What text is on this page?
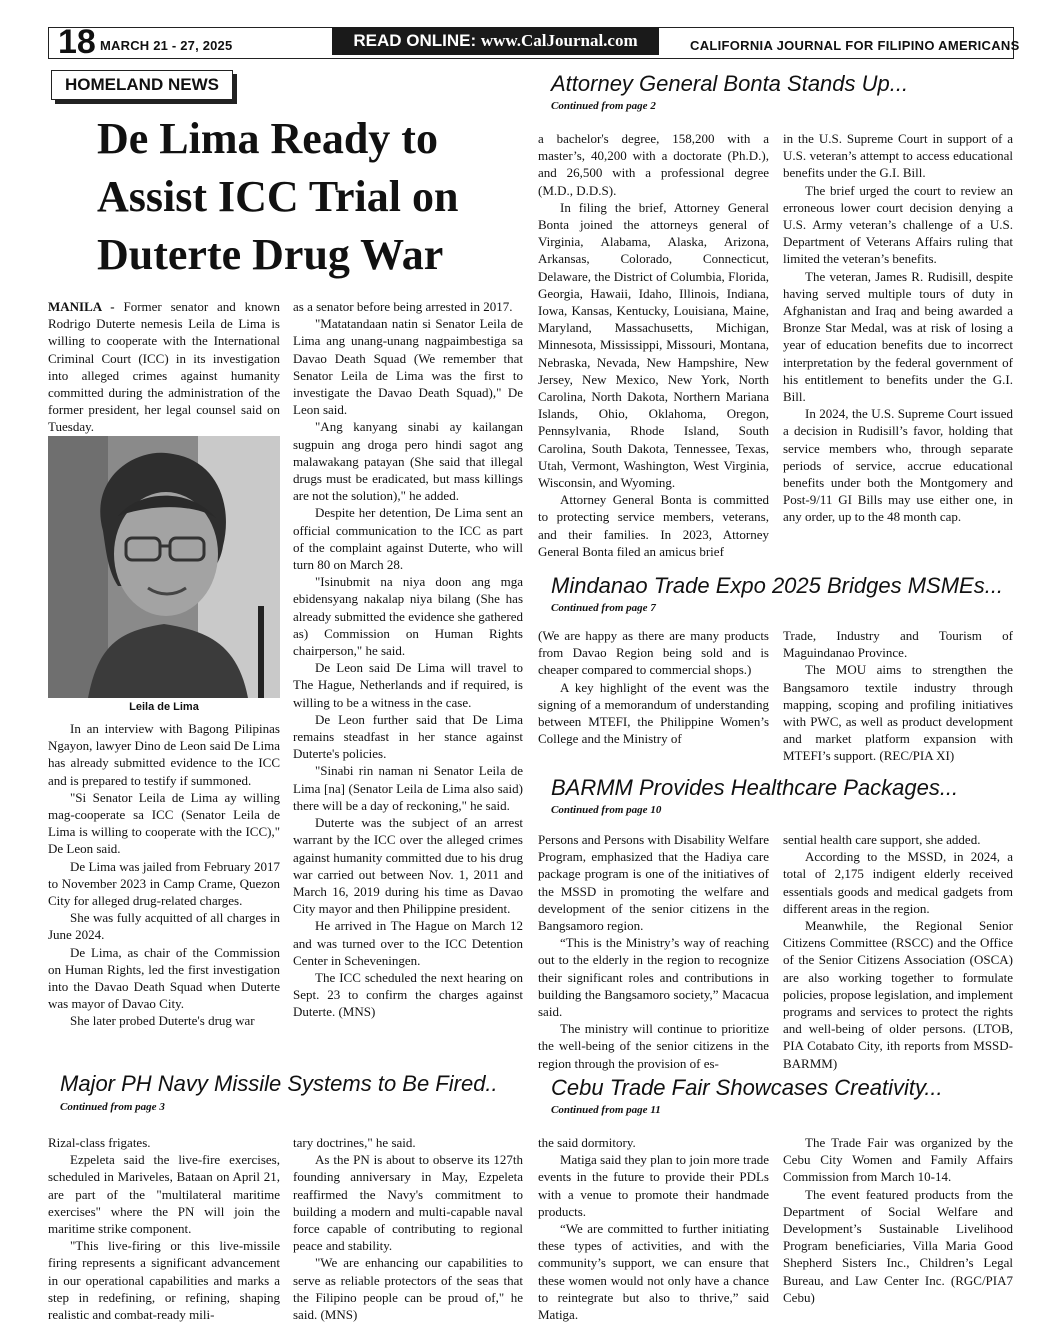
18 MARCH 21 - 27, 2025	READ ONLINE: www.CalJournal.com	CALIFORNIA JOURNAL FOR FILIPINO AMERICANS
HOMELAND NEWS
De Lima Ready to Assist ICC Trial on Duterte Drug War

MANILA - Former senator and known Rodrigo Duterte nemesis Leila de Lima is willing to cooperate with the International Criminal Court (ICC) in its investigation into alleged crimes against humanity committed during the administration of the former president, her legal counsel said on Tuesday.

Leila de Lima

In an interview with Bagong Pilipinas Ngayon, lawyer Dino de Leon said De Lima has already submitted evidence to the ICC and is prepared to testify if summoned.

"Si Senator Leila de Lima ay willing mag-cooperate sa ICC (Senator Leila de Lima is willing to cooperate with the ICC)," De Leon said.

De Lima was jailed from February 2017 to November 2023 in Camp Crame, Quezon City for alleged drug-related charges.

She was fully acquitted of all charges in June 2024.

De Lima, as chair of the Commission on Human Rights, led the first investigation into the Davao Death Squad when Duterte was mayor of Davao City.

She later probed Duterte's drug war

as a senator before being arrested in 2017.

"Matatandaan natin si Senator Leila de Lima ang unang-unang nagpaimbestiga sa Davao Death Squad (We remember that Senator Leila de Lima was the first to investigate the Davao Death Squad)," De Leon said.

"Ang kanyang sinabi ay kailangan sugpuin ang droga pero hindi sagot ang malawakang patayan (She said that illegal drugs must be eradicated, but mass killings are not the solution)," he added.

Despite her detention, De Lima sent an official communication to the ICC as part of the complaint against Duterte, who will turn 80 on March 28.

"Isinubmit na niya doon ang mga ebidensyang nakalap niya bilang (She has already submitted the evidence she gathered as) Commission on Human Rights chairperson," he said.

De Leon said De Lima will travel to The Hague, Netherlands and if required, is willing to be a witness in the case.

De Leon further said that De Lima remains steadfast in her stance against Duterte's policies.

"Sinabi rin naman ni Senator Leila de Lima [na] (Senator Leila de Lima also said) there will be a day of reckoning," he said.

Duterte was the subject of an arrest warrant by the ICC over the alleged crimes against humanity committed due to his drug war carried out between Nov. 1, 2011 and March 16, 2019 during his time as Davao City mayor and then Philippine president.

He arrived in The Hague on March 12 and was turned over to the ICC Detention Center in Scheveningen.

The ICC scheduled the next hearing on Sept. 23 to confirm the charges against Duterte. (MNS)

Attorney General Bonta Stands Up...
Continued from page 2

a bachelor's degree, 158,200 with a master’s, 40,200 with a doctorate (Ph.D.), and 26,500 with a professional degree (M.D., D.D.S).

In filing the brief, Attorney General Bonta joined the attorneys general of Virginia, Alabama, Alaska, Arizona, Arkansas, Colorado, Connecticut, Delaware, the District of Columbia, Florida, Georgia, Hawaii, Idaho, Illinois, Indiana, Iowa, Kansas, Kentucky, Louisiana, Maine, Maryland, Massachusetts, Michigan, Minnesota, Mississippi, Missouri, Montana, Nebraska, Nevada, New Hampshire, New Jersey, New Mexico, New York, North Carolina, North Dakota, Northern Mariana Islands, Ohio, Oklahoma, Oregon, Pennsylvania, Rhode Island, South Carolina, South Dakota, Tennessee, Texas, Utah, Vermont, Washington, West Virginia, Wisconsin, and Wyoming.

Attorney General Bonta is committed to protecting service members, veterans, and their families. In 2023, Attorney General Bonta filed an amicus brief

in the U.S. Supreme Court in support of a U.S. veteran’s attempt to access educational benefits under the G.I. Bill.

The brief urged the court to review an erroneous lower court decision denying a U.S. Army veteran’s challenge of a U.S. Department of Veterans Affairs ruling that limited the veteran’s benefits.

The veteran, James R. Rudisill, despite having served multiple tours of duty in Afghanistan and Iraq and being awarded a Bronze Star Medal, was at risk of losing a year of education benefits due to incorrect interpretation by the federal government of his entitlement to benefits under the G.I. Bill.

In 2024, the U.S. Supreme Court issued a decision in Rudisill’s favor, holding that service members who, through separate periods of service, accrue educational benefits under both the Montgomery and Post-9/11 GI Bills may use either one, in any order, up to the 48 month cap.

Mindanao Trade Expo 2025 Bridges MSMEs...
Continued from page 7

(We are happy as there are many products from Davao Region being sold and is cheaper compared to commercial shops.)

A key highlight of the event was the signing of a memorandum of understanding between MTEFI, the Philippine Women’s College and the Ministry of

Trade, Industry and Tourism of Maguindanao Province.

The MOU aims to strengthen the Bangsamoro textile industry through mapping, scoping and profiling initiatives with PWC, as well as product development and market platform expansion with MTEFI’s support. (REC/PIA XI)

BARMM Provides Healthcare Packages...
Continued from page 10

Persons and Persons with Disability Welfare Program, emphasized that the Hadiya care package program is one of the initiatives of the MSSD in promoting the welfare and development of the senior citizens in the Bangsamoro region.

“This is the Ministry’s way of reaching out to the elderly in the region to recognize their significant roles and contributions in building the Bangsamoro society,” Macacua said.

The ministry will continue to prioritize the well-being of the senior citizens in the region through the provision of es-

sential health care support, she added.

According to the MSSD, in 2024, a total of 2,175 indigent elderly received essentials goods and medical gadgets from different areas in the region.

Meanwhile, the Regional Senior Citizens Committee (RSCC) and the Office of the Senior Citizens Association (OSCA) are also working together to formulate policies, propose legislation, and implement programs and services to protect the rights and well-being of older persons. (LTOB, PIA Cotabato City, ith reports from MSSD-BARMM)

Major PH Navy Missile Systems to Be Fired..
Continued from page 3

Rizal-class frigates.

Ezpeleta said the live-fire exercises, scheduled in Mariveles, Bataan on April 21, are part of the "multilateral maritime exercises" where the PN will join the maritime strike component.

"This live-firing or this live-missile firing represents a significant advancement in our operational capabilities and marks a step in redefining, or refining, shaping realistic and combat-ready mili-

tary doctrines," he said.

As the PN is about to observe its 127th founding anniversary in May, Ezpeleta reaffirmed the Navy's commitment to building a modern and multi-capable naval force capable of contributing to regional peace and stability.

"We are enhancing our capabilities to serve as reliable protectors of the seas that the Filipino people can be proud of," he said. (MNS)

Cebu Trade Fair Showcases Creativity...
Continued from page 11

the said dormitory.

Matiga said they plan to join more trade events in the future to provide their PDLs with a venue to promote their handmade products.

“We are committed to further initiating these types of activities, and with the community’s support, we can ensure that these women would not only have a chance to reintegrate but also to thrive,” said Matiga.

The Trade Fair was organized by the Cebu City Women and Family Affairs Commission from March 10-14.

The event featured products from the Department of Social Welfare and Development’s Sustainable Livelihood Program beneficiaries, Villa Maria Good Shepherd Sisters Inc., Children’s Legal Bureau, and Law Center Inc. (RGC/PIA7 Cebu)
